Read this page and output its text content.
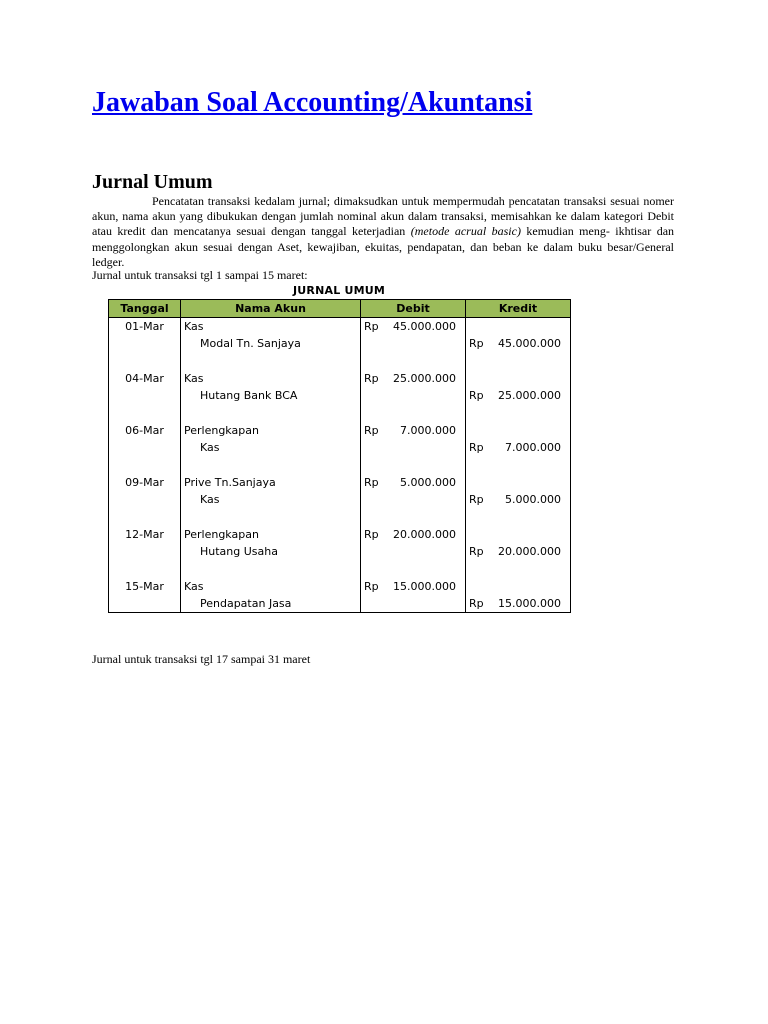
Jawaban Soal Accounting/Akuntansi
Jurnal Umum

Pencatatan transaksi kedalam jurnal; dimaksudkan untuk mempermudah pencatatan transaksi sesuai nomer akun, nama akun yang dibukukan dengan jumlah nominal akun dalam transaksi, memisahkan ke dalam kategori Debit atau kredit dan mencatanya sesuai dengan tanggal keterjadian (metode acrual basic) kemudian meng- ikhtisar dan menggolongkan akun sesuai dengan Aset, kewajiban, ekuitas, pendapatan, dan beban ke dalam buku besar/General ledger.

Jurnal untuk transaksi tgl 1 sampai 15 maret:

JURNAL UMUM
Tanggal	Nama Akun	Debit	Kredit
01-Mar	Kas	Rp 45.000.000	

	Modal Tn. Sanjaya		Rp 45.000.000

04-Mar	Kas	Rp 25.000.000	

	Hutang Bank BCA		Rp 25.000.000

06-Mar	Perlengkapan	Rp 7.000.000	

	Kas		Rp 7.000.000

09-Mar	Prive Tn.Sanjaya	Rp 5.000.000	

	Kas		Rp 5.000.000

12-Mar	Perlengkapan	Rp 20.000.000	

	Hutang Usaha		Rp 20.000.000

15-Mar	Kas	Rp 15.000.000	

	Pendapatan Jasa		Rp 15.000.000

Jurnal untuk transaksi tgl 17 sampai 31 maret
